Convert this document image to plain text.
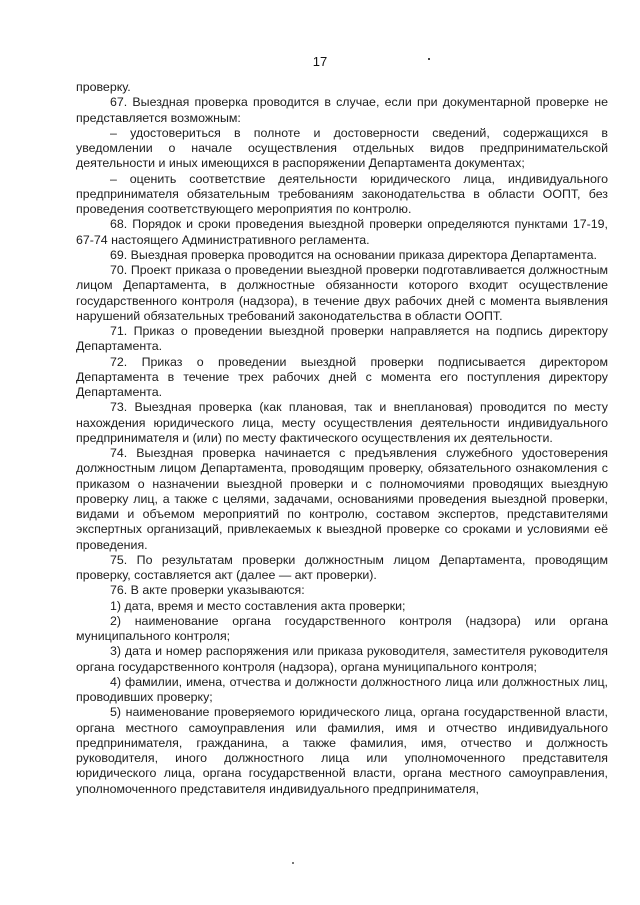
17

проверку.

67. Выездная проверка проводится в случае, если при документарной проверке не представляется возможным:

– удостовериться в полноте и достоверности сведений, содержащихся в уведомлении о начале осуществления отдельных видов предпринимательской деятельности и иных имеющихся в распоряжении Департамента документах;

– оценить соответствие деятельности юридического лица, индивидуального предпринимателя обязательным требованиям законодательства в области ООПТ, без проведения соответствующего мероприятия по контролю.

68. Порядок и сроки проведения выездной проверки определяются пунктами 17-19, 67-74 настоящего Административного регламента.

69. Выездная проверка проводится на основании приказа директора Департамента.

70. Проект приказа о проведении выездной проверки подготавливается должностным лицом Департамента, в должностные обязанности которого входит осуществление государственного контроля (надзора), в течение двух рабочих дней с момента выявления нарушений обязательных требований законодательства в области ООПТ.

71. Приказ о проведении выездной проверки направляется на подпись директору Департамента.

72. Приказ о проведении выездной проверки подписывается директором Департамента в течение трех рабочих дней с момента его поступления директору Департамента.

73. Выездная проверка (как плановая, так и внеплановая) проводится по месту нахождения юридического лица, месту осуществления деятельности индивидуального предпринимателя и (или) по месту фактического осуществления их деятельности.

74. Выездная проверка начинается с предъявления служебного удостоверения должностным лицом Департамента, проводящим проверку, обязательного ознакомления с приказом о назначении выездной проверки и с полномочиями проводящих выездную проверку лиц, а также с целями, задачами, основаниями проведения выездной проверки, видами и объемом мероприятий по контролю, составом экспертов, представителями экспертных организаций, привлекаемых к выездной проверке со сроками и условиями её проведения.

75. По результатам проверки должностным лицом Департамента, проводящим проверку, составляется акт (далее — акт проверки).

76. В акте проверки указываются:

1) дата, время и место составления акта проверки;

2) наименование органа государственного контроля (надзора) или органа муниципального контроля;

3) дата и номер распоряжения или приказа руководителя, заместителя руководителя органа государственного контроля (надзора), органа муниципального контроля;

4) фамилии, имена, отчества и должности должностного лица или должностных лиц, проводивших проверку;

5) наименование проверяемого юридического лица, органа государственной власти, органа местного самоуправления или фамилия, имя и отчество индивидуального предпринимателя, гражданина, а также фамилия, имя, отчество и должность руководителя, иного должностного лица или уполномоченного представителя юридического лица, органа государственной власти, органа местного самоуправления, уполномоченного представителя индивидуального предпринимателя,
